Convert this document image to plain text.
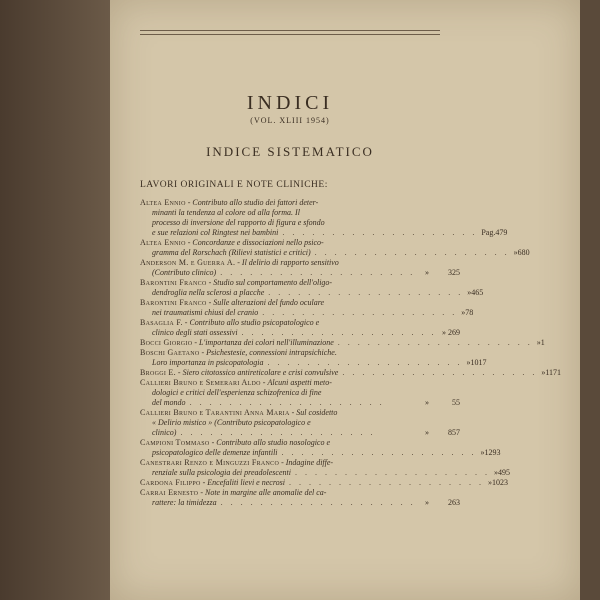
INDICI
(VOL. XLIII 1954)
INDICE SISTEMATICO
LAVORI ORIGINALI E NOTE CLINICHE:
Altea Ennio - Contributo allo studio dei fattori deter-
minanti la tendenza al colore od alla forma. Il
processo di inversione del rapporto di figura e sfondo
e sue relazioni col Ringtest nei bambini . . . . . . . . . . . . . . . . . . . . Pag. 479
Altea Ennio - Concordanze e dissociazioni nello psico-
gramma del Rorschach (Rilievi statistici e critici) . . . . . . . . . . . . . . . . . . . . » 680
Anderson M. e Guerra A. - Il delirio di rapporto sensitivo
(Contributo clinico) . . . . . . . . . . . . . . . . . . . .	»	325
Barontini Franco - Studio sul comportamento dell'oligo-
dendroglia nella sclerosi a placche . . . . . . . . . . . . . . . . . . . . » 465
Barontini Franco - Sulle alterazioni del fundo oculare
nei traumatismi chiusi del cranio . . . . . . . . . . . . . . . . . . . . » 78
Basaglia F. - Contributo allo studio psicopatologico e
clinico degli stati ossessivi . . . . . . . . . . . . . . . . . . . . » 269
Bocci Giorgio - L'importanza dei colori nell'illuminazione . . . . . . . . . . . . . . . . . . . . » 1
Boschi Gaetano - Psichestesie, connessioni intrapsichiche.
Loro importanza in psicopatologia . . . . . . . . . . . . . . . . . . . . » 1017
Broggi E. - Siero citotossico antireticolare e crisi convulsive . . . . . . . . . . . . . . . . . . . . » 1171
Callieri Bruno e Semerari Aldo - Alcuni aspetti meto-
dologici e critici dell'esperienza schizofrenica di fine
del mondo . . . . . . . . . . . . . . . . . . . .	»	55
Callieri Bruno e Tarantini Anna Maria - Sul cosidetto
« Delirio mistico » (Contributo psicopatologico e
clinico) . . . . . . . . . . . . . . . . . . . .	»	857
Campioni Tommaso - Contributo allo studio nosologico e
psicopatologico delle demenze infantili . . . . . . . . . . . . . . . . . . . . » 1293
Canestrari Renzo e Minguzzi Franco - Indagine diffe-
renziale sulla psicologia dei preadolescenti . . . . . . . . . . . . . . . . . . . . » 495
Cardona Filippo - Encefaliti lievi e necrosi . . . . . . . . . . . . . . . . . . . . » 1023
Carrai Ernesto - Note in margine alle anomalie del ca-
rattere: la timidezza . . . . . . . . . . . . . . . . . . . .	»	263
